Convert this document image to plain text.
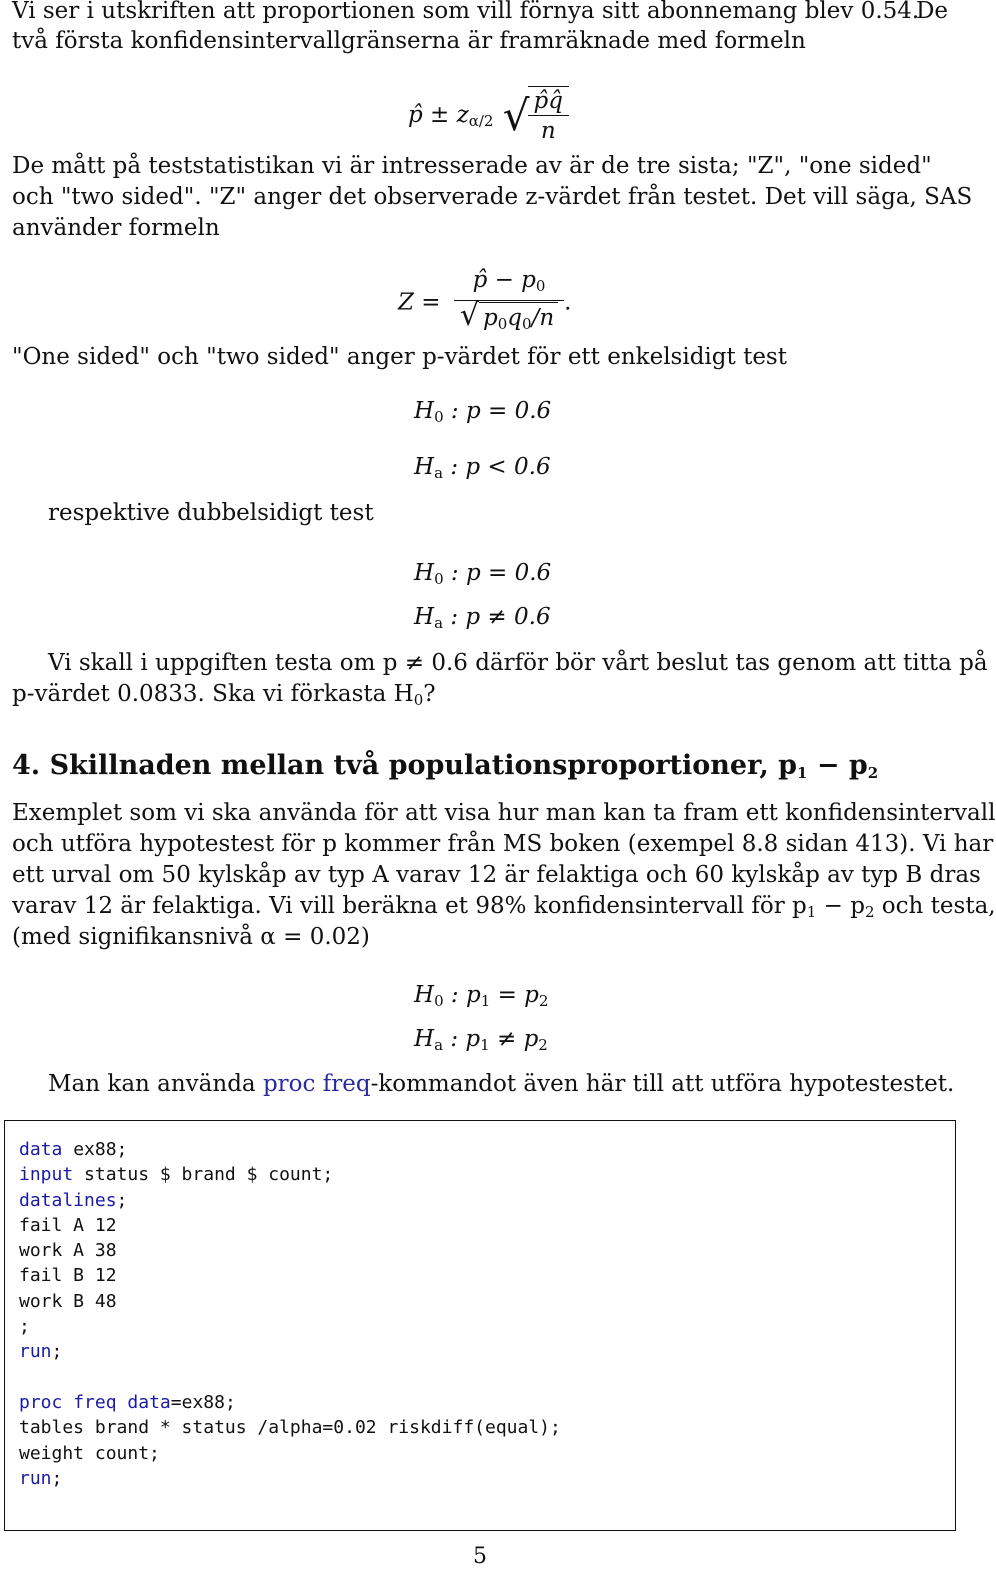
Vi ser i utskriften att proportionen som vill förnya sitt abonnemang blev 0.54.
De
två första konfidensintervallgränserna är framräknade med formeln
p̂ ± $z_{\alpha/2}$ √
$\frac{p̂q̂}{n}$
De mått på teststatistikan vi är intresserade av är de tre sista; "Z", "one sided"
och "two sided". "Z" anger det observerade z-värdet från testet. Det vill säga, SAS
använder formeln
$Z = \frac{p̂ - p_0}{√ p_0q_0/n}$ .
"One sided" och "two sided" anger p-värdet för ett enkelsidigt test
$H_0$ : p = 0.6
$H_a$ : p < 0.6
respektive dubbelsidigt test
$H_0$ : p = 0.6
$H_a$ : p ≠ 0.6
Vi skall i uppgiften testa om p ≠ 0.6 därför bör vårt beslut tas genom att titta på
p-värdet 0.0833. Ska vi förkasta $H_0$?
4. Skillnaden mellan två populationsproportioner, $p_1 - p_2$
Exemplet som vi ska använda för att visa hur man kan ta fram ett konfidensintervall
och utföra hypotestest för p kommer från MS boken (exempel 8.8 sidan 413). Vi har
ett urval om 50 kylskåp av typ A varav 12 är felaktiga och 60 kylskåp av typ B dras
varav 12 är felaktiga. Vi vill beräkna et 98% konfidensintervall för $p_1 - p_2$ och testa,
(med signifikansnivå α = 0.02)
$H_0$ : $p_1 = p_2$
$H_a$ : $p_1 \ne p_2$
Man kan använda proc freq-kommandot även här till att utföra hypotestestet.
data ex88;
input status $ brand $ count;
datalines;
fail A 12
work A 38
fail B 12
work B 48
;
run;
proc freq data=ex88;
tables brand * status /alpha=0.02 riskdiff(equal);
weight count;
run;
5
